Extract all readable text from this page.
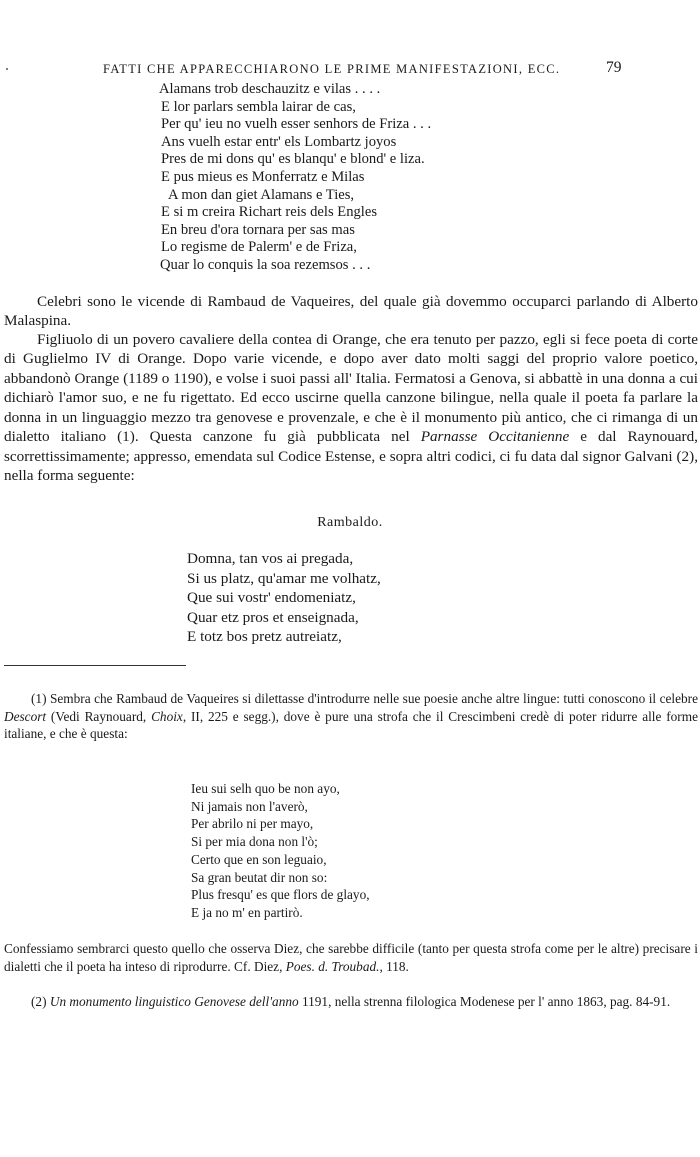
FATTI CHE APPARECCHIARONO LE PRIME MANIFESTAZIONI, ECC.	79
Alamans trob deschauzitz e vilas . . . .
E lor parlars sembla lairar de cas,
Per qu' ieu no vuelh esser senhors de Friza . . .
Ans vuelh estar entr' els Lombartz joyos
Pres de mi dons qu' es blanqu' e blond' e liza.
E pus mieus es Monferratz e Milas
A mon dan giet Alamans e Ties,
E si m creira Richart reis dels Engles
En breu d'ora tornara per sas mas
Lo regisme de Palerm' e de Friza,
Quar lo conquis la soa rezemsos . . .

Celebri sono le vicende di Rambaud de Vaqueires, del quale già dovemmo occuparci parlando di Alberto Malaspina.

Figliuolo di un povero cavaliere della contea di Orange, che era tenuto per pazzo, egli si fece poeta di corte di Guglielmo IV di Orange. Dopo varie vicende, e dopo aver dato molti saggi del proprio valore poetico, abbandonò Orange (1189 o 1190), e volse i suoi passi all' Italia. Fermatosi a Genova, si abbattè in una donna a cui dichiarò l'amor suo, e ne fu rigettato. Ed ecco uscirne quella canzone bilingue, nella quale il poeta fa parlare la donna in un linguaggio mezzo tra genovese e provenzale, e che è il monumento più antico, che ci rimanga di un dialetto italiano (1). Questa canzone fu già pubblicata nel Parnasse Occitanienne e dal Raynouard, scorrettissimamente; appresso, emendata sul Codice Estense, e sopra altri codici, ci fu data dal signor Galvani (2), nella forma seguente:

Rambaldo.
Domna, tan vos ai pregada,
Si us platz, qu'amar me volhatz,
Que sui vostr' endomeniatz,
Quar etz pros et enseignada,
E totz bos pretz autreiatz,

(1) Sembra che Rambaud de Vaqueires si dilettasse d'introdurre nelle sue poesie anche altre lingue: tutti conoscono il celebre Descort (Vedi Raynouard, Choix, II, 225 e segg.), dove è pure una strofa che il Crescimbeni credè di poter ridurre alle forme italiane, e che è questa:

Ieu sui selh quo be non ayo,
Ni jamais non l'averò,
Per abrilo ni per mayo,
Si per mia dona non l'ò;
Certo que en son leguaio,
Sa gran beutat dir non so:
Plus fresqu' es que flors de glayo,
E ja no m' en partirò.

Confessiamo sembrarci questo quello che osserva Diez, che sarebbe difficile (tanto per questa strofa come per le altre) precisare i dialetti che il poeta ha inteso di riprodurre. Cf. Diez, Poes. d. Troubad., 118.

(2) Un monumento linguistico Genovese dell'anno 1191, nella strenna filologica Modenese per l' anno 1863, pag. 84-91.
